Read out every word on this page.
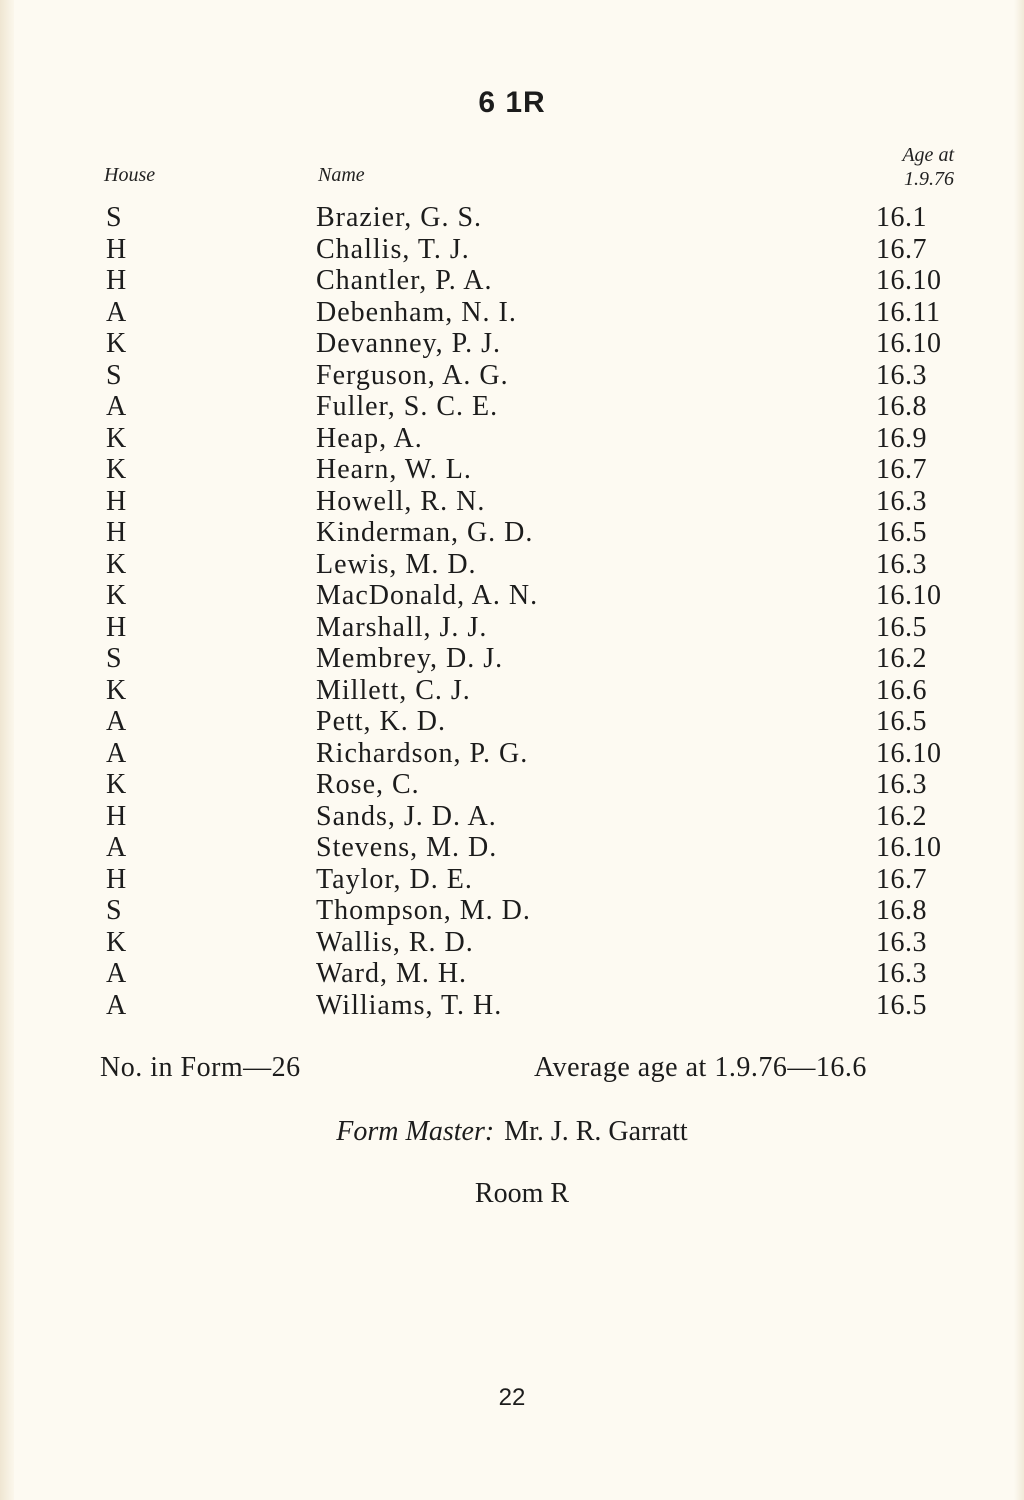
6 1R
House	Name
Age at
1.9.76
S	Brazier, G. S.	16.1
H	Challis, T. J.	16.7
H	Chantler, P. A.	16.10
A	Debenham, N. I.	16.11
K	Devanney, P. J.	16.10
S	Ferguson, A. G.	16.3
A	Fuller, S. C. E.	16.8
K	Heap, A.	16.9
K	Hearn, W. L.	16.7
H	Howell, R. N.	16.3
H	Kinderman, G. D.	16.5
K	Lewis, M. D.	16.3
K	MacDonald, A. N.	16.10
H	Marshall, J. J.	16.5
S	Membrey, D. J.	16.2
K	Millett, C. J.	16.6
A	Pett, K. D.	16.5
A	Richardson, P. G.	16.10
K	Rose, C.	16.3
H	Sands, J. D. A.	16.2
A	Stevens, M. D.	16.10
H	Taylor, D. E.	16.7
S	Thompson, M. D.	16.8
K	Wallis, R. D.	16.3
A	Ward, M. H.	16.3
A	Williams, T. H.	16.5
No. in Form—26	Average age at 1.9.76—16.6
Form Master: Mr. J. R. Garratt
Room R
22
